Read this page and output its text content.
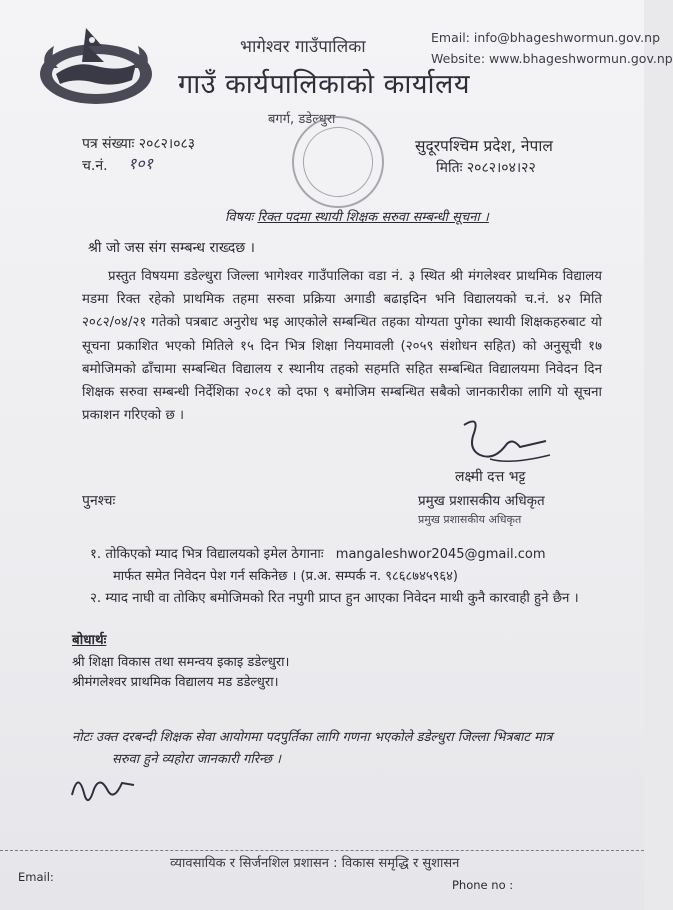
भागेश्वर गाउँपालिका
गाउँ कार्यपालिकाको कार्यालय
बगर्ग, डडेल्धुरा
Email: info@bhageshwormun.gov.np
Website: www.bhageshwormun.gov.np
पत्र संख्याः २०८२।०८३
च.नं. १०१
सुदूरपश्चिम प्रदेश, नेपाल
मितिः २०८२।०४।२२
विषयः रिक्त पदमा स्थायी शिक्षक सरुवा सम्बन्धी सूचना ।
श्री जो जस संग सम्बन्ध राख्दछ ।
प्रस्तुत विषयमा डडेल्धुरा जिल्ला भागेश्वर गाउँपालिका वडा नं. ३ स्थित श्री मंगलेश्वर प्राथमिक विद्यालय मडमा रिक्त रहेको प्राथमिक तहमा सरुवा प्रक्रिया अगाडी बढाइदिन भनि विद्यालयको च.नं. ४२ मिति २०८२/०४/२१ गतेको पत्रबाट अनुरोध भइ आएकोले सम्बन्धित तहका योग्यता पुगेका स्थायी शिक्षकहरुबाट यो सूचना प्रकाशित भएको मितिले १५ दिन भित्र शिक्षा नियमावली (२०५९ संशोधन सहित) को अनुसूची १७ बमोजिमको ढाँचामा सम्बन्धित विद्यालय र स्थानीय तहको सहमति सहित सम्बन्धित विद्यालयमा निवेदन दिन शिक्षक सरुवा सम्बन्धी निर्देशिका २०८१ को दफा ९ बमोजिम सम्बन्धित सबैको जानकारीका लागि यो सूचना प्रकाशन गरिएको छ ।
लक्ष्मी दत्त भट्ट
प्रमुख प्रशासकीय अधिकृत
प्रमुख प्रशासकीय अधिकृत
पुनश्चः
१. तोकिएको म्याद भित्र विद्यालयको इमेल ठेगानाः mangaleshwor2045@gmail.com
मार्फत समेत निवेदन पेश गर्न सकिनेछ । (प्र.अ. सम्पर्क न. ९८६८७४५९६४)
२. म्याद नाघी वा तोकिए बमोजिमको रित नपुगी प्राप्त हुन आएका निवेदन माथी कुनै कारवाही हुने छैन ।
बोधार्थः
श्री शिक्षा विकास तथा समन्वय इकाइ डडेल्धुरा।
श्रीमंगलेश्वर प्राथमिक विद्यालय मड डडेल्धुरा।
नोटः उक्त दरबन्दी शिक्षक सेवा आयोगमा पदपुर्तिका लागि गणना भएकोले डडेल्धुरा जिल्ला भित्रबाट मात्र
सरुवा हुने व्यहोरा जानकारी गरिन्छ ।
व्यावसायिक र सिर्जनशिल प्रशासन : विकास समृद्धि र सुशासन
Email:
Phone no :
